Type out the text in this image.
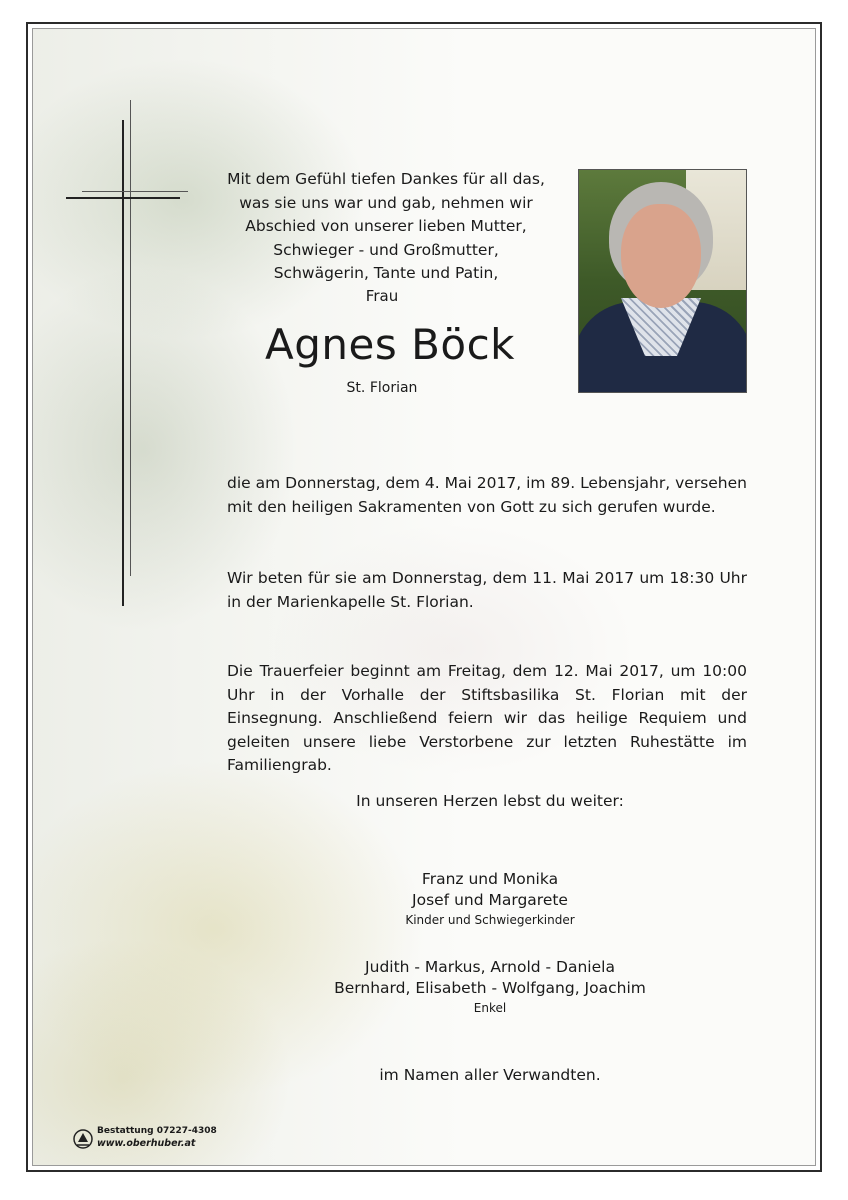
Mit dem Gefühl tiefen Dankes für all das,
was sie uns war und gab, nehmen wir
Abschied von unserer lieben Mutter,
Schwieger - und Großmutter,
Schwägerin, Tante und Patin,
Frau
Agnes Böck
St. Florian
die am Donnerstag, dem 4. Mai 2017, im 89. Lebensjahr, versehen mit den heiligen Sakramenten von Gott zu sich gerufen wurde.
Wir beten für sie am Donnerstag, dem 11. Mai 2017 um 18:30 Uhr in der Marienkapelle St. Florian.
Die Trauerfeier beginnt am Freitag, dem 12. Mai 2017, um 10:00 Uhr in der Vorhalle der Stiftsbasilika St. Florian mit der Einsegnung. Anschließend feiern wir das heilige Requiem und geleiten unsere liebe Verstorbene zur letzten Ruhestätte im Familiengrab.
In unseren Herzen lebst du weiter:
Franz und Monika
Josef und Margarete
Kinder und Schwiegerkinder
Judith - Markus, Arnold - Daniela
Bernhard, Elisabeth - Wolfgang, Joachim
Enkel
im Namen aller Verwandten.
Bestattung 07227-4308
www.oberhuber.at
